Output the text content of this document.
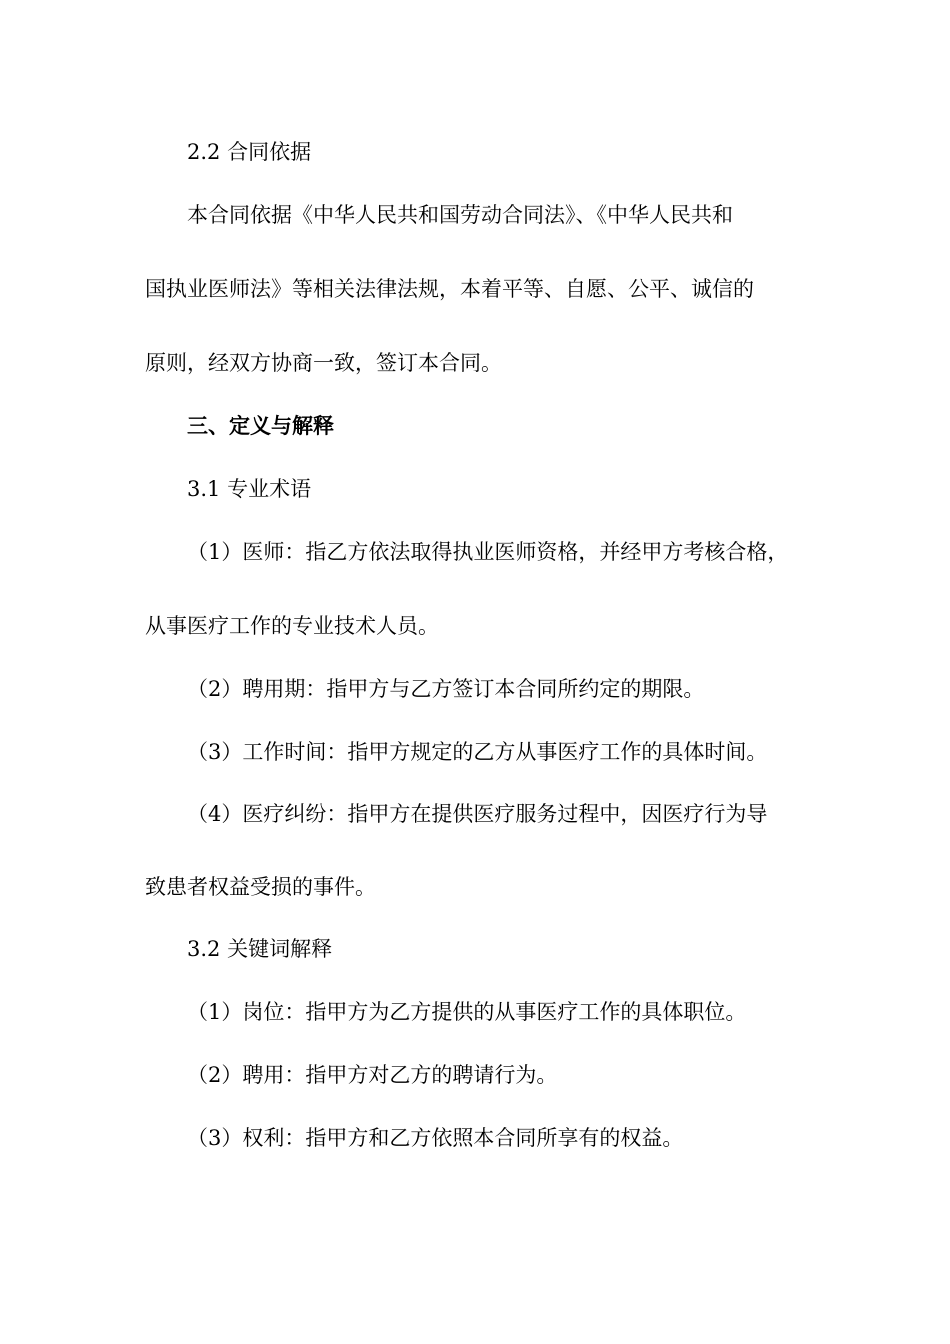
2.2 合同依据
本合同依据《中华人民共和国劳动合同法》、《中华人民共和
国执业医师法》等相关法律法规，本着平等、自愿、公平、诚信的
原则，经双方协商一致，签订本合同。
三、定义与解释
3.1 专业术语
（1）医师：指乙方依法取得执业医师资格，并经甲方考核合格，
从事医疗工作的专业技术人员。
（2）聘用期：指甲方与乙方签订本合同所约定的期限。
（3）工作时间：指甲方规定的乙方从事医疗工作的具体时间。
（4）医疗纠纷：指甲方在提供医疗服务过程中，因医疗行为导
致患者权益受损的事件。
3.2 关键词解释
（1）岗位：指甲方为乙方提供的从事医疗工作的具体职位。
（2）聘用：指甲方对乙方的聘请行为。
（3）权利：指甲方和乙方依照本合同所享有的权益。
